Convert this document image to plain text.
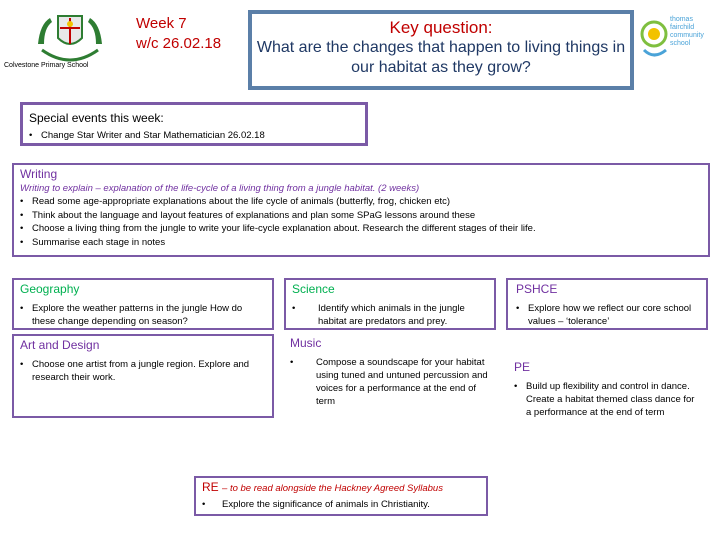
Colvestone Primary School
Week 7
w/c 26.02.18
Key question:
What are the changes that happen to living things in our habitat as they grow?
thomas fairchild community school
Special events this week:
• Change Star Writer and Star Mathematician 26.02.18
Writing
Writing to explain – explanation of the life-cycle of a living thing from a jungle habitat. (2 weeks)
• Read some age-appropriate explanations about the life cycle of animals (butterfly, frog, chicken etc)
• Think about the language and layout features of explanations and plan some SPaG lessons around these
• Choose a living thing from the jungle to write your life-cycle explanation about. Research the different stages of their life.
• Summarise each stage in notes
Geography
• Explore the weather patterns in the jungle How do these change depending on season?
Science
• Identify which animals in the jungle habitat are predators and prey.
PSHCE
• Explore how we reflect our core school values – ‘tolerance’
Art and Design
• Choose one artist from a jungle region. Explore and research their work.
Music
• Compose a soundscape for your habitat using tuned and untuned percussion and voices for a performance at the end of term
PE
• Build up flexibility and control in dance. Create a habitat themed class dance for a performance at the end of term
RE – to be read alongside the Hackney Agreed Syllabus
• Explore the significance of animals in Christianity.
